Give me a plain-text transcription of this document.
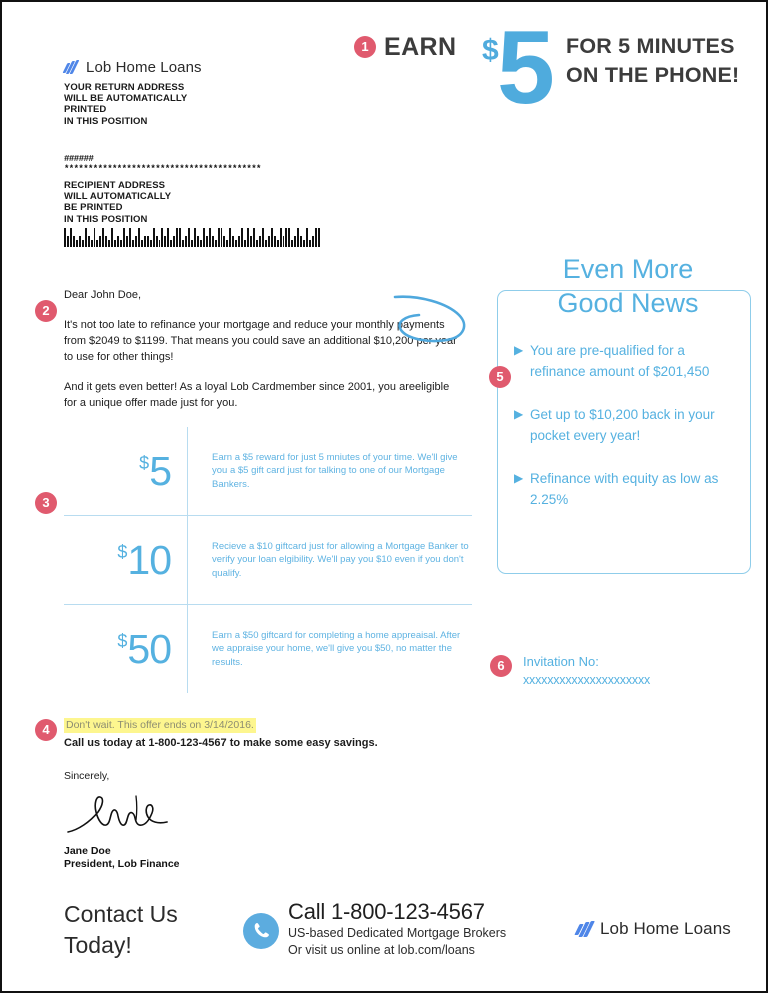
Lob Home Loans
YOUR RETURN ADDRESS
WILL BE AUTOMATICALLY
PRINTED
IN THIS POSITION
1 EARN $
5 FOR 5 MINUTES
ON THE PHONE!
######
*****************************************
RECIPIENT ADDRESS
WILL AUTOMATICALLY
BE PRINTED
IN THIS POSITION
2

Dear John Doe,

It's not too late to refinance your mortgage and reduce your monthly payments from $2049 to $1199. That means you could save an additional $10,200 per year to use for other things!

And it gets even better! As a loyal Lob Cardmember since 2001, you areeligible for a unique offer made just for you.

3
$5	Earn a $5 reward for just 5 mniutes of your time. We'll give you a $5 gift card just for talking to one of our Mortgage Bankers.
$10	Recieve a $10 giftcard just for allowing a Mortgage Banker to verify your loan elgibility. We'll pay you $10 even if you don't qualify.
$50	Earn a $50 giftcard for completing a home appreaisal. After we appraise your home, we'll give you $50, no matter the results.
Even More
Good News
5
▶ You are pre-qualified for a refinance amount of $201,450
▶ Get up to $10,200 back in your pocket every year!
▶ Refinance with equity as low as 2.25%
6	Invitation No:
xxxxxxxxxxxxxxxxxxxxx
4	Don't wait. This offer ends on 3/14/2016.
Call us today at 1-800-123-4567 to make some easy savings.
Sincerely,
Jane Doe
President, Lob Finance
Contact Us
Today!
Call 1-800-123-4567
US-based Dedicated Mortgage Brokers
Or visit us online at lob.com/loans
Lob Home Loans
